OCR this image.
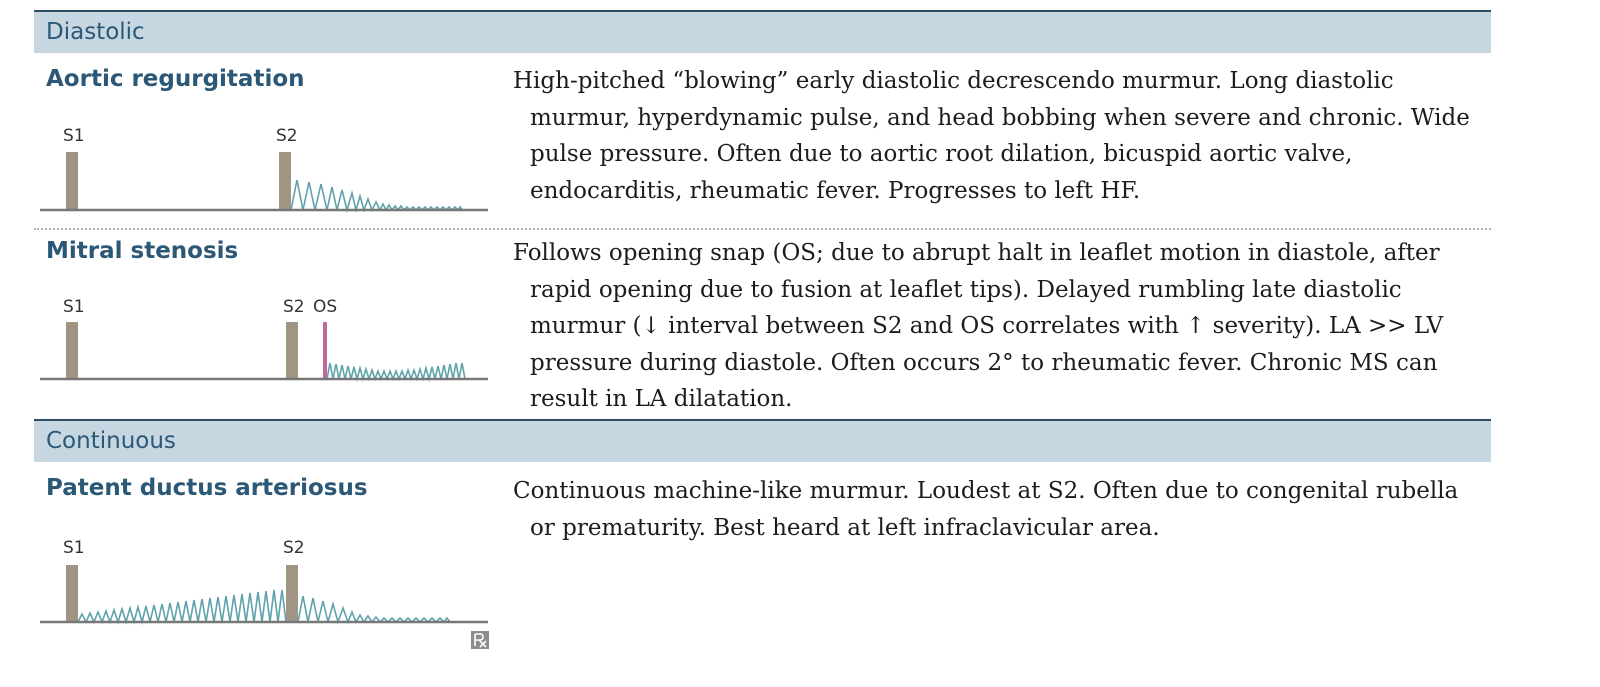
Diastolic
Aortic regurgitation
S1	S2

High-pitched “blowing” early diastolic decrescendo murmur. Long diastolic murmur, hyperdynamic pulse, and head bobbing when severe and chronic. Wide pulse pressure. Often due to aortic root dilation, bicuspid aortic valve, endocarditis, rheumatic fever. Progresses to left HF.

Mitral stenosis
S1	S2 OS

Follows opening snap (OS; due to abrupt halt in leaflet motion in diastole, after rapid opening due to fusion at leaflet tips). Delayed rumbling late diastolic murmur (↓ interval between S2 and OS correlates with ↑ severity). LA >> LV pressure during diastole. Often occurs 2° to rheumatic fever. Chronic MS can result in LA dilatation.

Continuous
Patent ductus arteriosus
S1	S2

Continuous machine-like murmur. Loudest at S2. Often due to congenital rubella or prematurity. Best heard at left infraclavicular area.
